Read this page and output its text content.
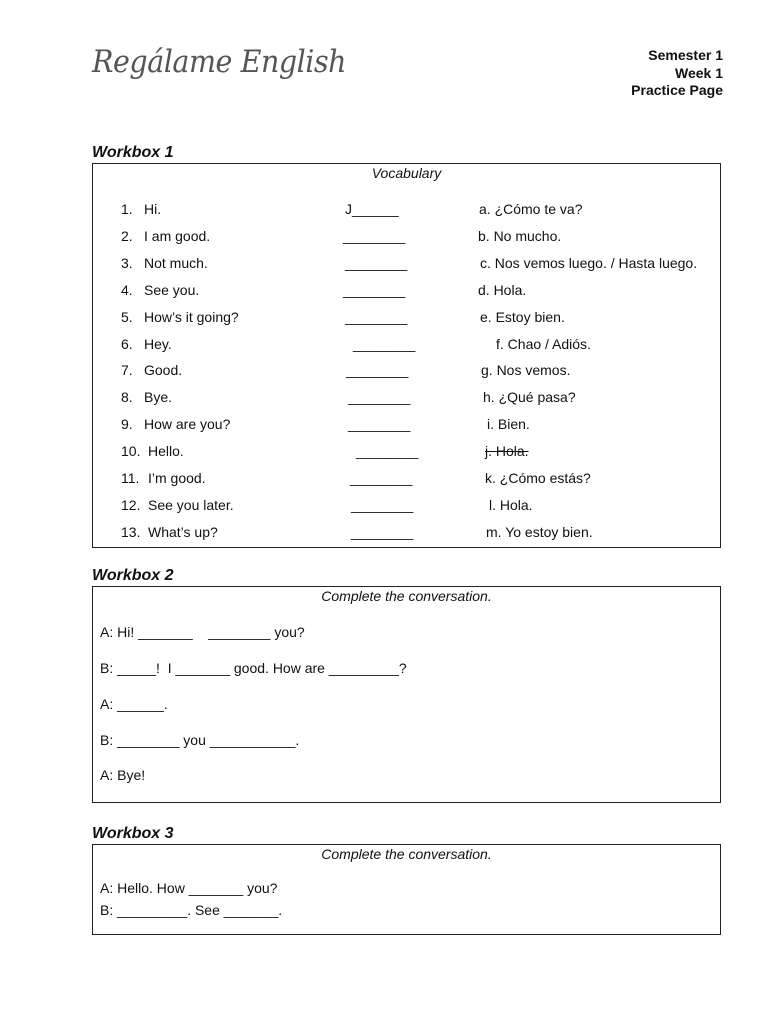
Regálame English	Semester 1
Week 1
Practice Page
Workbox 1
Vocabulary
1. Hi.	J______	a. ¿Cómo te va?
2. I am good.	________	b. No mucho.
3. Not much.	________	c. Nos vemos luego. / Hasta luego.
4. See you.	________	d. Hola.
5. How’s it going?	________	e. Estoy bien.
6. Hey.	________	f. Chao / Adiós.
7. Good.	________	g. Nos vemos.
8. Bye.	________	h. ¿Qué pasa?
9. How are you?	________	i. Bien.
10. Hello.	________	j. Hola.
11. I’m good.	________	k. ¿Cómo estás?
12. See you later.	________	l. Hola.
13. What’s up?	________	m. Yo estoy bien.
Workbox 2
Complete the conversation.
A: Hi! _______    ________ you?
B: _____!  I _______ good. How are _________?
A: ______.
B: ________ you ___________.
A: Bye!
Workbox 3
Complete the conversation.
A: Hello. How _______ you?
B: _________. See _______.
